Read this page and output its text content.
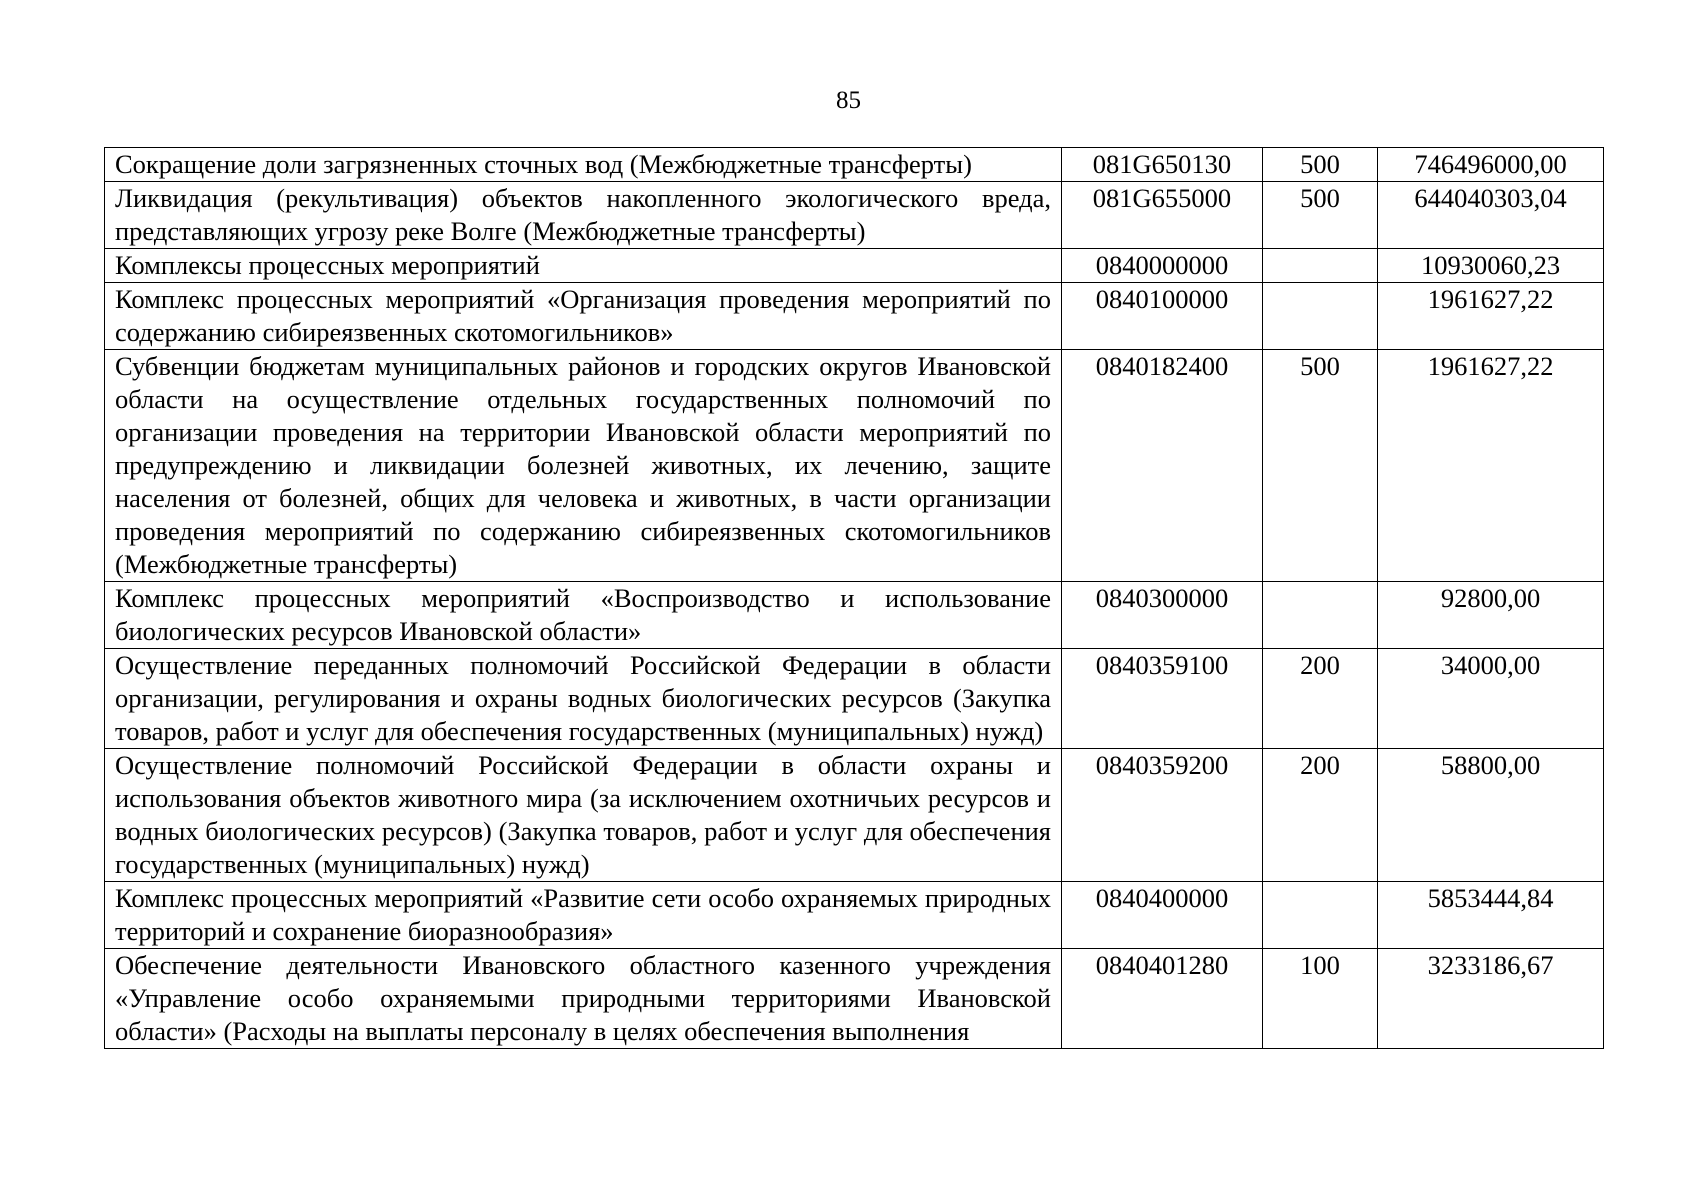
85
Сокращение доли загрязненных сточных вод (Межбюджетные трансферты)	081G650130	500	746496000,00
Ликвидация (рекультивация) объектов накопленного экологического вреда, представляющих угрозу реке Волге (Межбюджетные трансферты)	081G655000	500	644040303,04
Комплексы процессных мероприятий	0840000000		10930060,23
Комплекс процессных мероприятий «Организация проведения мероприятий по содержанию сибиреязвенных скотомогильников»	0840100000		1961627,22
Субвенции бюджетам муниципальных районов и городских округов Ивановской области на осуществление отдельных государственных полномочий по организации проведения на территории Ивановской области мероприятий по предупреждению и ликвидации болезней животных, их лечению, защите населения от болезней, общих для человека и животных, в части организации проведения мероприятий по содержанию сибиреязвенных скотомогильников (Межбюджетные трансферты)	0840182400	500	1961627,22
Комплекс процессных мероприятий «Воспроизводство и использование биологических ресурсов Ивановской области»	0840300000		92800,00
Осуществление переданных полномочий Российской Федерации в области организации, регулирования и охраны водных биологических ресурсов (Закупка товаров, работ и услуг для обеспечения государственных (муниципальных) нужд)	0840359100	200	34000,00
Осуществление полномочий Российской Федерации в области охраны и использования объектов животного мира (за исключением охотничьих ресурсов и водных биологических ресурсов) (Закупка товаров, работ и услуг для обеспечения государственных (муниципальных) нужд)	0840359200	200	58800,00
Комплекс процессных мероприятий «Развитие сети особо охраняемых природных территорий и сохранение биоразнообразия»	0840400000		5853444,84
Обеспечение деятельности Ивановского областного казенного учреждения «Управление особо охраняемыми природными территориями Ивановской области» (Расходы на выплаты персоналу в целях обеспечения выполнения	0840401280	100	3233186,67
